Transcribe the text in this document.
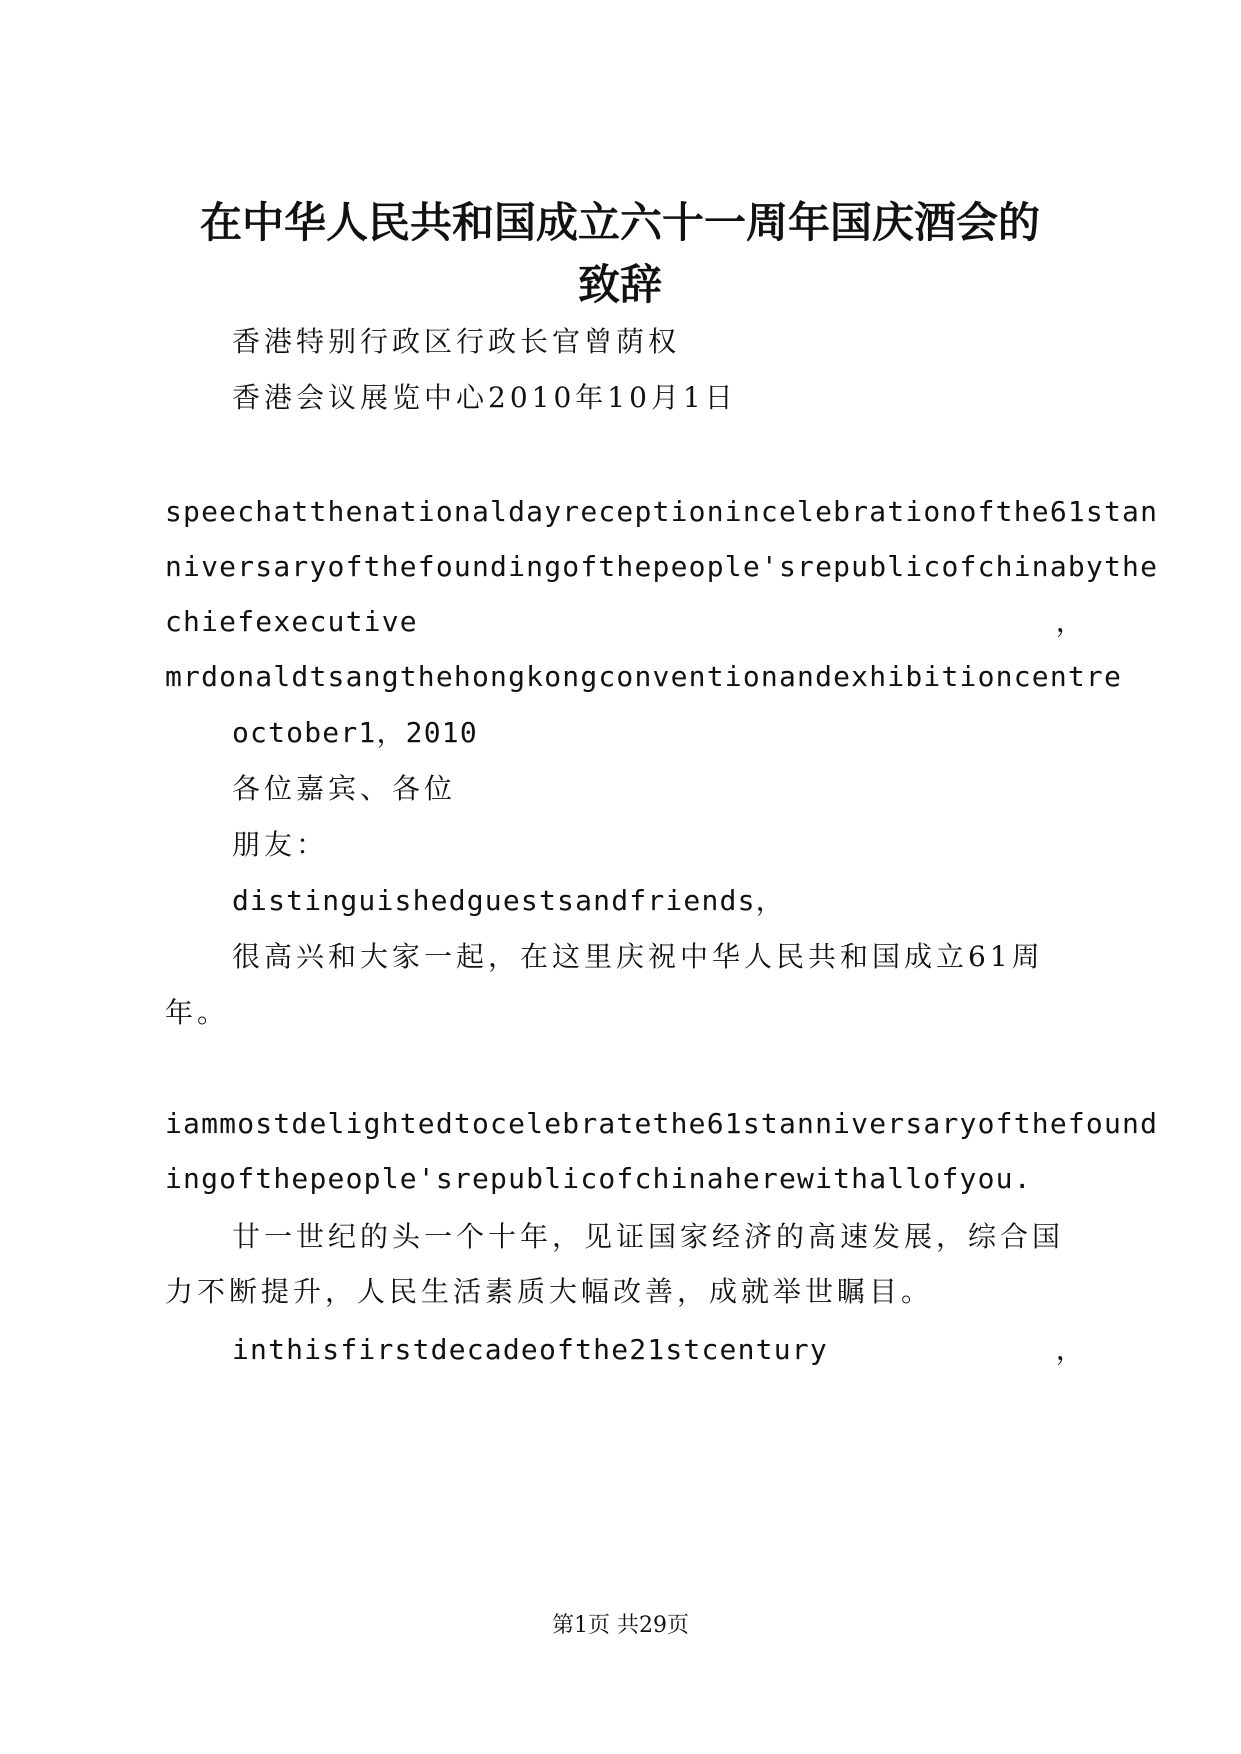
在中华人民共和国成立六十一周年国庆酒会的
致辞
香港特别行政区行政长官曾荫权
香港会议展览中心2010年10月1日
speechatthenationaldayreceptionincelebrationofthe61stan
niversaryofthefoundingofthepeople'srepublicofchinabythe
chiefexecutive	，
mrdonaldtsangthehongkongconventionandexhibitioncentre
october1，2010
各位嘉宾、各位
朋友：
distinguishedguestsandfriends，
很高兴和大家一起，在这里庆祝中华人民共和国成立61周
年。
iammostdelightedtocelebratethe61stanniversaryofthefound
ingofthepeople'srepublicofchinaherewithallofyou.
廿一世纪的头一个十年，见证国家经济的高速发展，综合国
力不断提升，人民生活素质大幅改善，成就举世瞩目。
inthisfirstdecadeofthe21stcentury	，
第1页 共29页
